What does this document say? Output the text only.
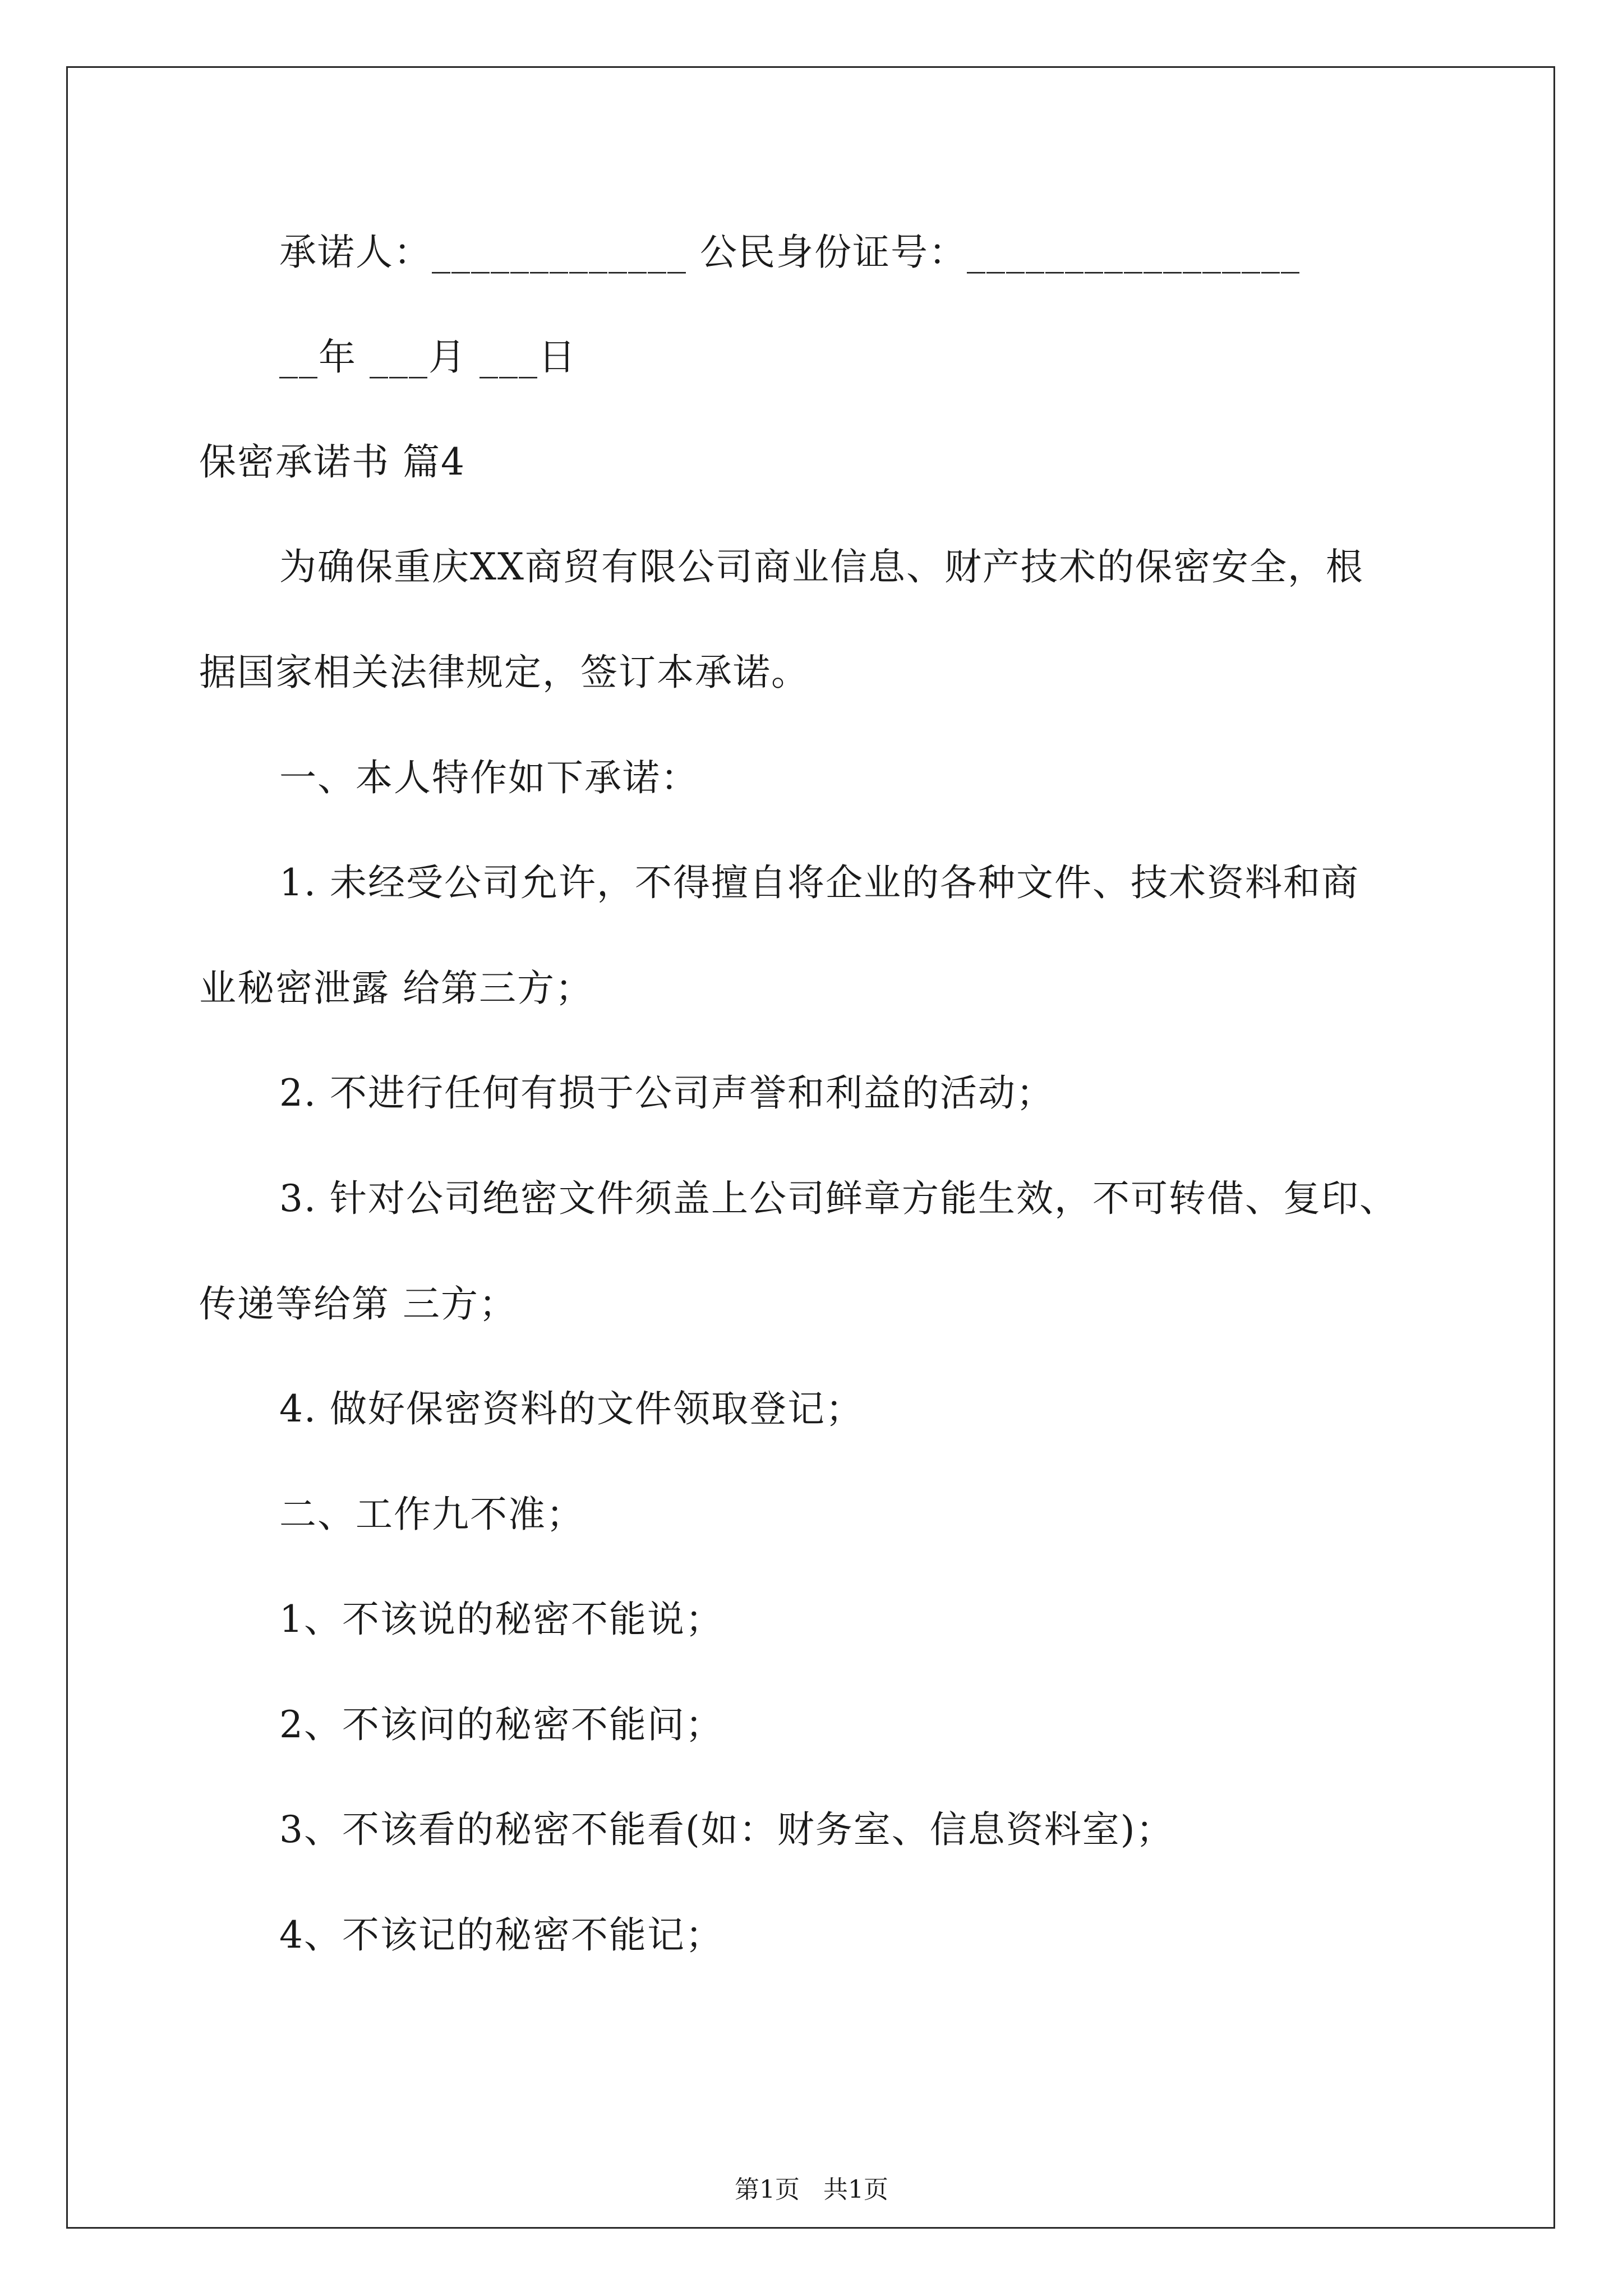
承诺人：_____________ 公民身份证号：_________________
__年 ___月 ___日
保密承诺书 篇4
为确保重庆XX商贸有限公司商业信息、财产技术的保密安全，根
据国家相关法律规定，签订本承诺。
一、本人特作如下承诺：
1. 未经受公司允许，不得擅自将企业的各种文件、技术资料和商
业秘密泄露 给第三方；
2. 不进行任何有损于公司声誉和利益的活动；
3. 针对公司绝密文件须盖上公司鲜章方能生效，不可转借、复印、
传递等给第 三方；
4. 做好保密资料的文件领取登记；
二、工作九不准；
1、不该说的秘密不能说；
2、不该问的秘密不能问；
3、不该看的秘密不能看(如：财务室、信息资料室)；
4、不该记的秘密不能记；
第1页   共1页
